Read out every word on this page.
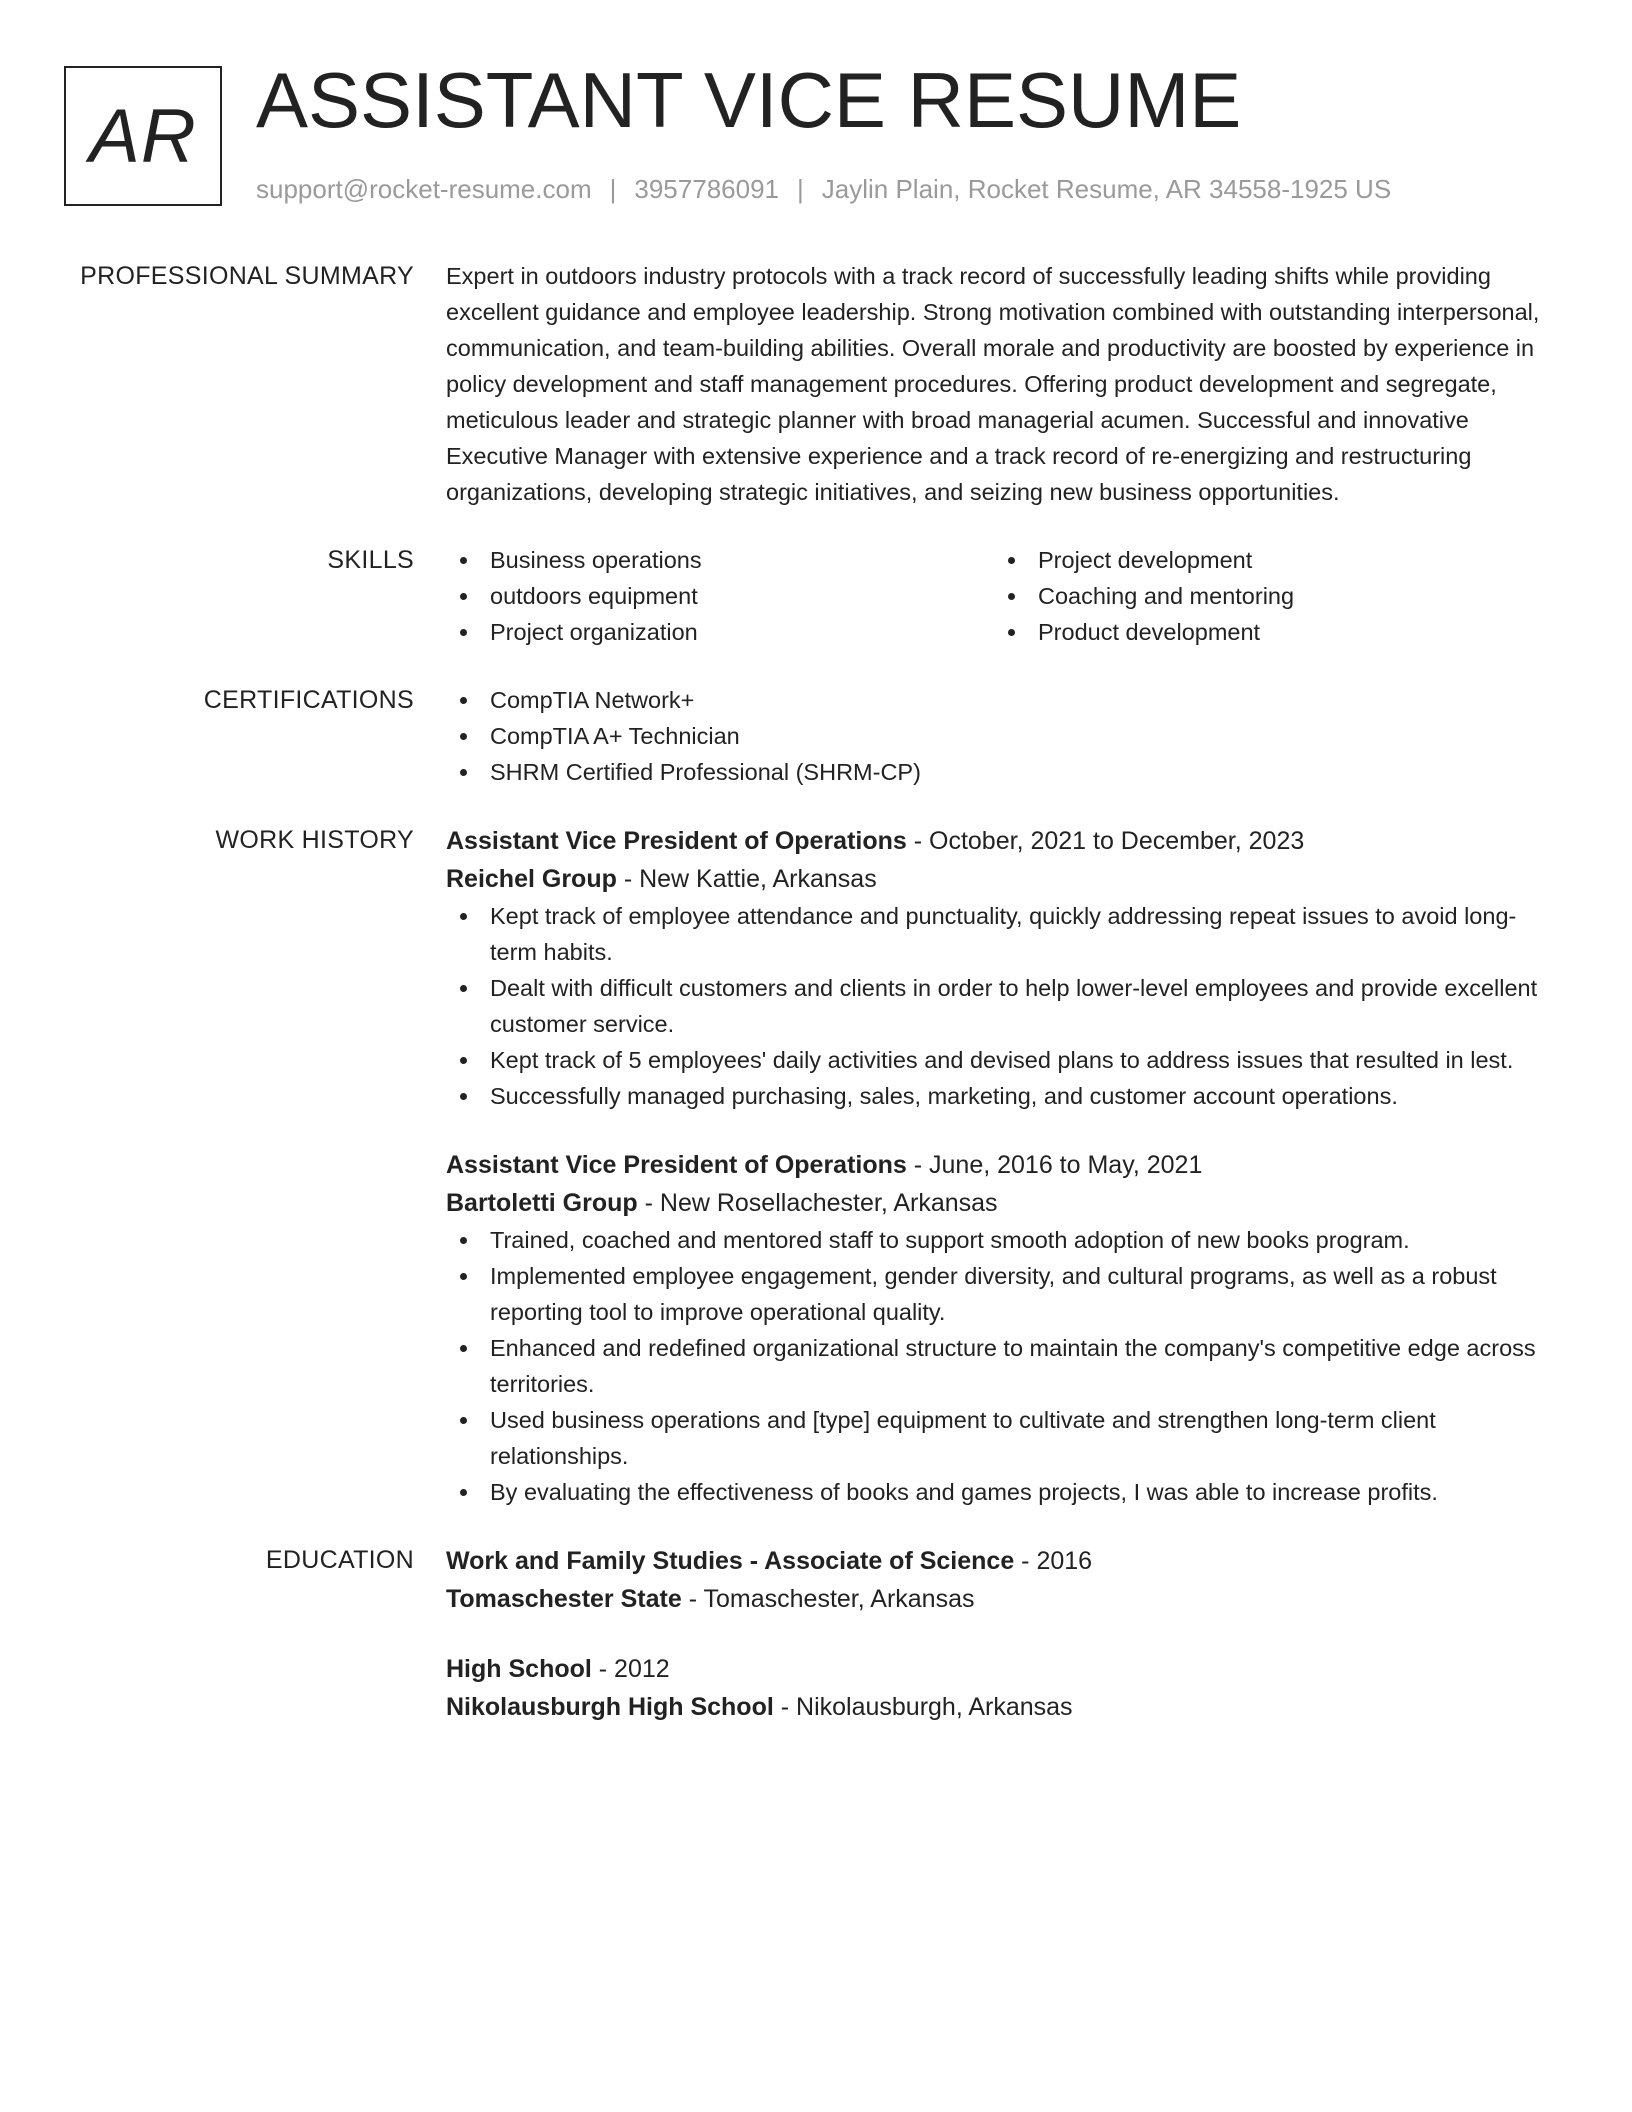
AR ASSISTANT VICE RESUME
support@rocket-resume.com | 3957786091 | Jaylin Plain, Rocket Resume, AR 34558-1925 US
PROFESSIONAL SUMMARY Expert in outdoors industry protocols with a track record of successfully leading shifts while providing excellent guidance and employee leadership. Strong motivation combined with outstanding interpersonal, communication, and team-building abilities. Overall morale and productivity are boosted by experience in policy development and staff management procedures. Offering product development and segregate, meticulous leader and strategic planner with broad managerial acumen. Successful and innovative Executive Manager with extensive experience and a track record of re-energizing and restructuring organizations, developing strategic initiatives, and seizing new business opportunities.

SKILLS	Business operations
outdoors equipment
Project organization
Project development
Coaching and mentoring
Product development
CERTIFICATIONS	CompTIA Network+
CompTIA A+ Technician
SHRM Certified Professional (SHRM-CP)
WORK HISTORY Assistant Vice President of Operations - October, 2021 to December, 2023
Reichel Group - New Kattie, Arkansas
Kept track of employee attendance and punctuality, quickly addressing repeat issues to avoid long-term habits.
Dealt with difficult customers and clients in order to help lower-level employees and provide excellent customer service.
Kept track of 5 employees' daily activities and devised plans to address issues that resulted in lest.
Successfully managed purchasing, sales, marketing, and customer account operations.
Assistant Vice President of Operations - June, 2016 to May, 2021
Bartoletti Group - New Rosellachester, Arkansas
Trained, coached and mentored staff to support smooth adoption of new books program.
Implemented employee engagement, gender diversity, and cultural programs, as well as a robust reporting tool to improve operational quality.
Enhanced and redefined organizational structure to maintain the company's competitive edge across territories.
Used business operations and [type] equipment to cultivate and strengthen long-term client relationships.
By evaluating the effectiveness of books and games projects, I was able to increase profits.
EDUCATION Work and Family Studies - Associate of Science - 2016
Tomaschester State - Tomaschester, Arkansas
High School - 2012
Nikolausburgh High School - Nikolausburgh, Arkansas
